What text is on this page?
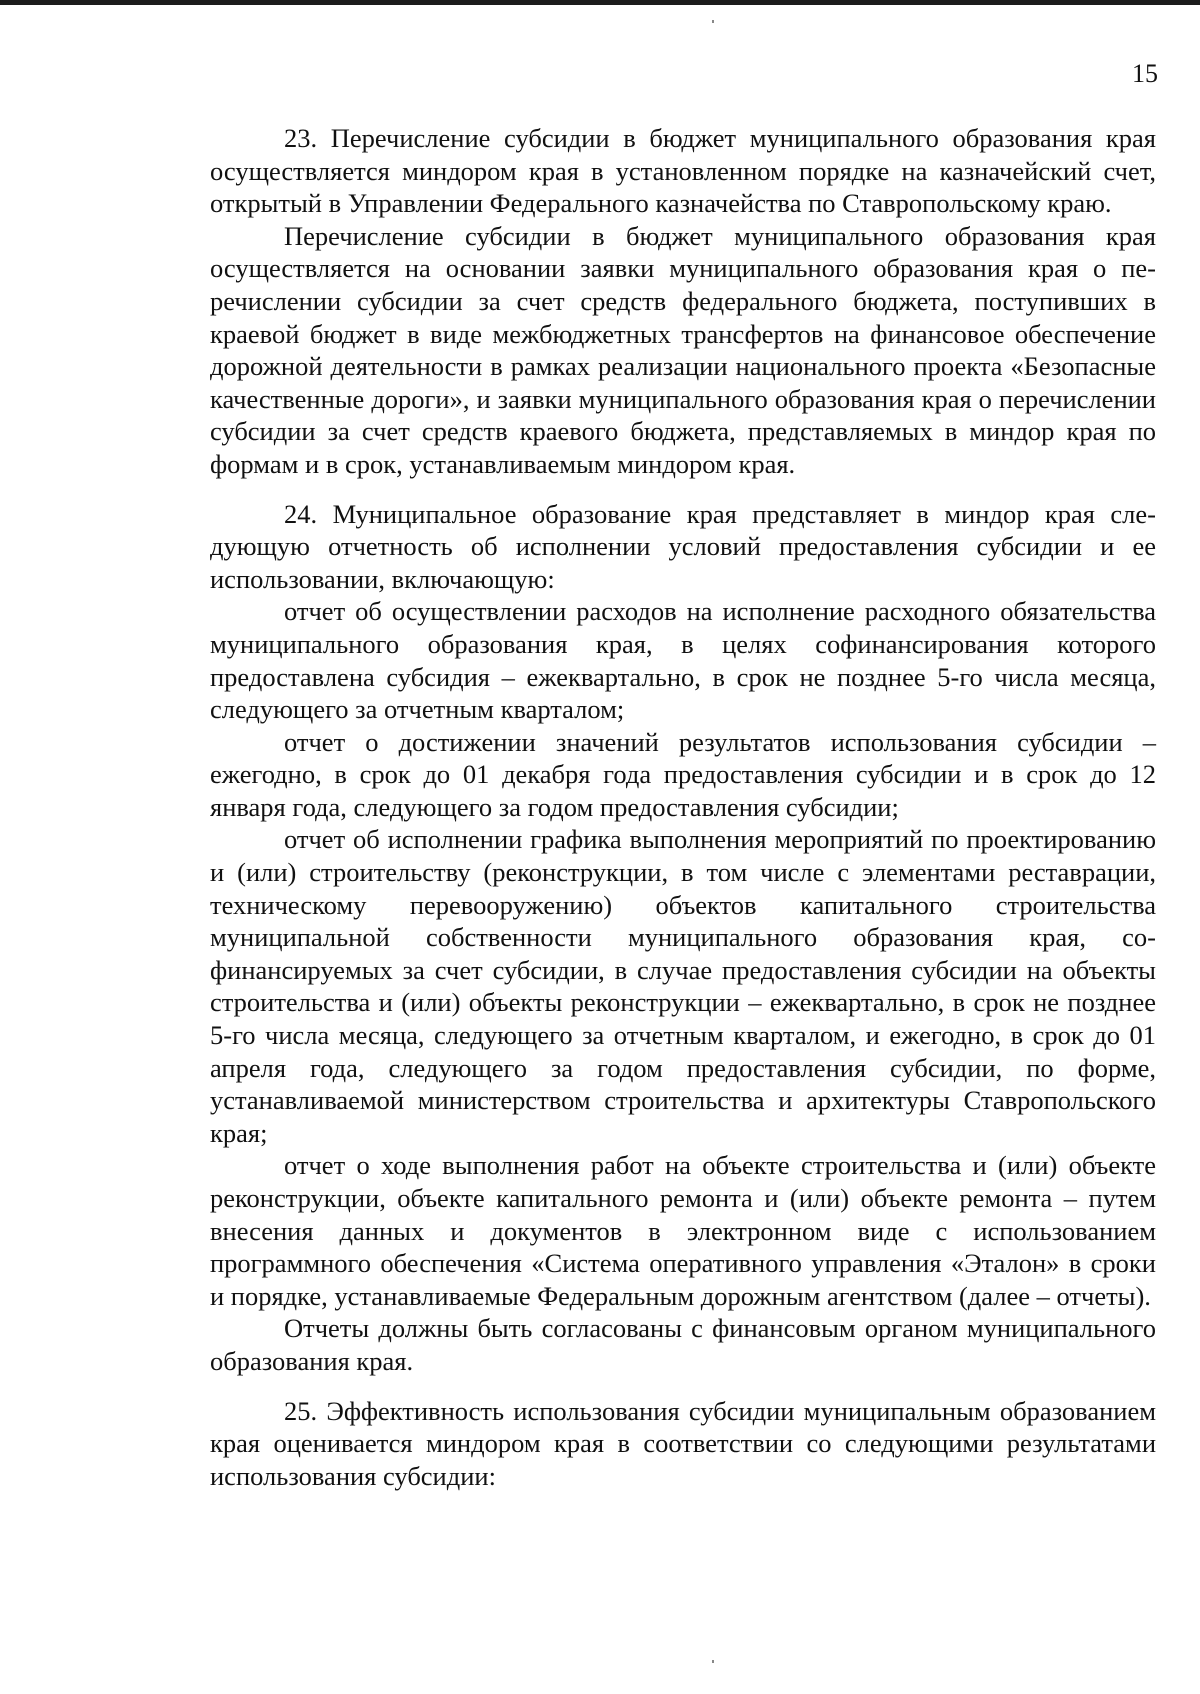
15

23. Перечисление субсидии в бюджет муниципального образования края осуществляется миндором края в установленном порядке на казначейский счет, открытый в Управлении Федерального казначейства по Ставропольскому краю.

Перечисление субсидии в бюджет муниципального образования края осуществляется на основании заявки муниципального образования края о перечислении субсидии за счет средств федерального бюджета, поступивших в краевой бюджет в виде межбюджетных трансфертов на финансовое обеспечение дорожной деятельности в рамках реализации национального проекта «Безопасные качественные дороги», и заявки муниципального образования края о перечислении субсидии за счет средств краевого бюджета, представляемых в миндор края по формам и в срок, устанавливаемым миндором края.

24. Муниципальное образование края представляет в миндор края следующую отчетность об исполнении условий предоставления субсидии и ее использовании, включающую:

отчет об осуществлении расходов на исполнение расходного обязательства муниципального образования края, в целях софинансирования которого предоставлена субсидия – ежеквартально, в срок не позднее 5-го числа месяца, следующего за отчетным кварталом;

отчет о достижении значений результатов использования субсидии – ежегодно, в срок до 01 декабря года предоставления субсидии и в срок до 12 января года, следующего за годом предоставления субсидии;

отчет об исполнении графика выполнения мероприятий по проектированию и (или) строительству (реконструкции, в том числе с элементами реставрации, техническому перевооружению) объектов капитального строительства муниципальной собственности муниципального образования края, софинансируемых за счет субсидии, в случае предоставления субсидии на объекты строительства и (или) объекты реконструкции – ежеквартально, в срок не позднее 5-го числа месяца, следующего за отчетным кварталом, и ежегодно, в срок до 01 апреля года, следующего за годом предоставления субсидии, по форме, устанавливаемой министерством строительства и архитектуры Ставропольского края;

отчет о ходе выполнения работ на объекте строительства и (или) объекте реконструкции, объекте капитального ремонта и (или) объекте ремонта – путем внесения данных и документов в электронном виде с использованием программного обеспечения «Система оперативного управления «Эталон» в сроки и порядке, устанавливаемые Федеральным дорожным агентством (далее – отчеты).

Отчеты должны быть согласованы с финансовым органом муниципального образования края.

25. Эффективность использования субсидии муниципальным образованием края оценивается миндором края в соответствии со следующими результатами использования субсидии:
